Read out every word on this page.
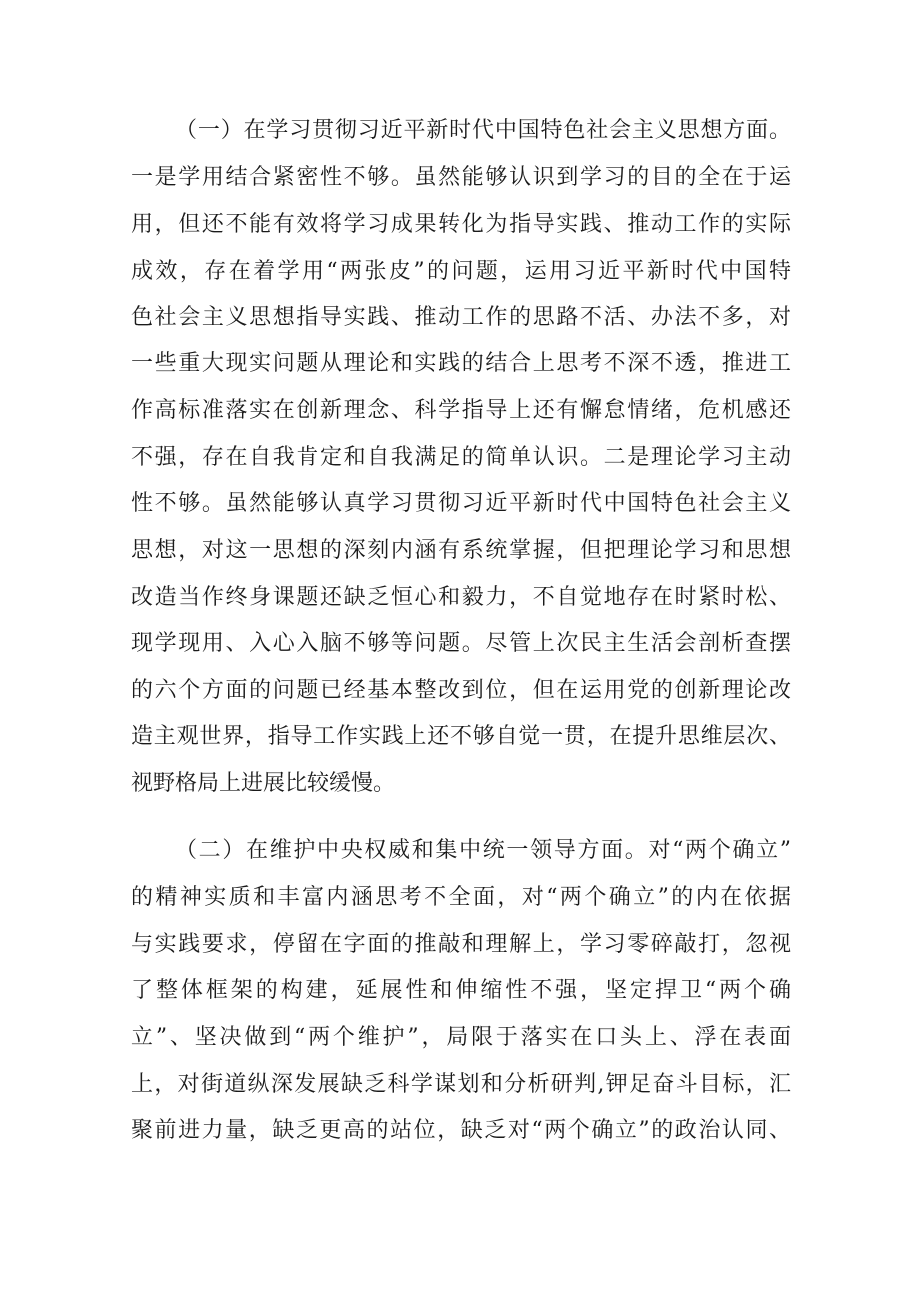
（一）在学习贯彻习近平新时代中国特色社会主义思想方面。
一是学用结合紧密性不够。虽然能够认识到学习的目的全在于运
用，但还不能有效将学习成果转化为指导实践、推动工作的实际
成效，存在着学用“两张皮”的问题，运用习近平新时代中国特
色社会主义思想指导实践、推动工作的思路不活、办法不多，对
一些重大现实问题从理论和实践的结合上思考不深不透，推进工
作高标准落实在创新理念、科学指导上还有懈怠情绪，危机感还
不强，存在自我肯定和自我满足的简单认识。二是理论学习主动
性不够。虽然能够认真学习贯彻习近平新时代中国特色社会主义
思想，对这一思想的深刻内涵有系统掌握，但把理论学习和思想
改造当作终身课题还缺乏恒心和毅力，不自觉地存在时紧时松、
现学现用、入心入脑不够等问题。尽管上次民主生活会剖析查摆
的六个方面的问题已经基本整改到位，但在运用党的创新理论改
造主观世界，指导工作实践上还不够自觉一贯，在提升思维层次、
视野格局上进展比较缓慢。
（二）在维护中央权威和集中统一领导方面。对“两个确立”
的精神实质和丰富内涵思考不全面，对“两个确立”的内在依据
与实践要求，停留在字面的推敲和理解上，学习零碎敲打，忽视
了整体框架的构建，延展性和伸缩性不强，坚定捍卫“两个确
立”、坚决做到“两个维护”，局限于落实在口头上、浮在表面
上，对街道纵深发展缺乏科学谋划和分析研判,钾足奋斗目标，汇
聚前进力量，缺乏更高的站位，缺乏对“两个确立”的政治认同、
